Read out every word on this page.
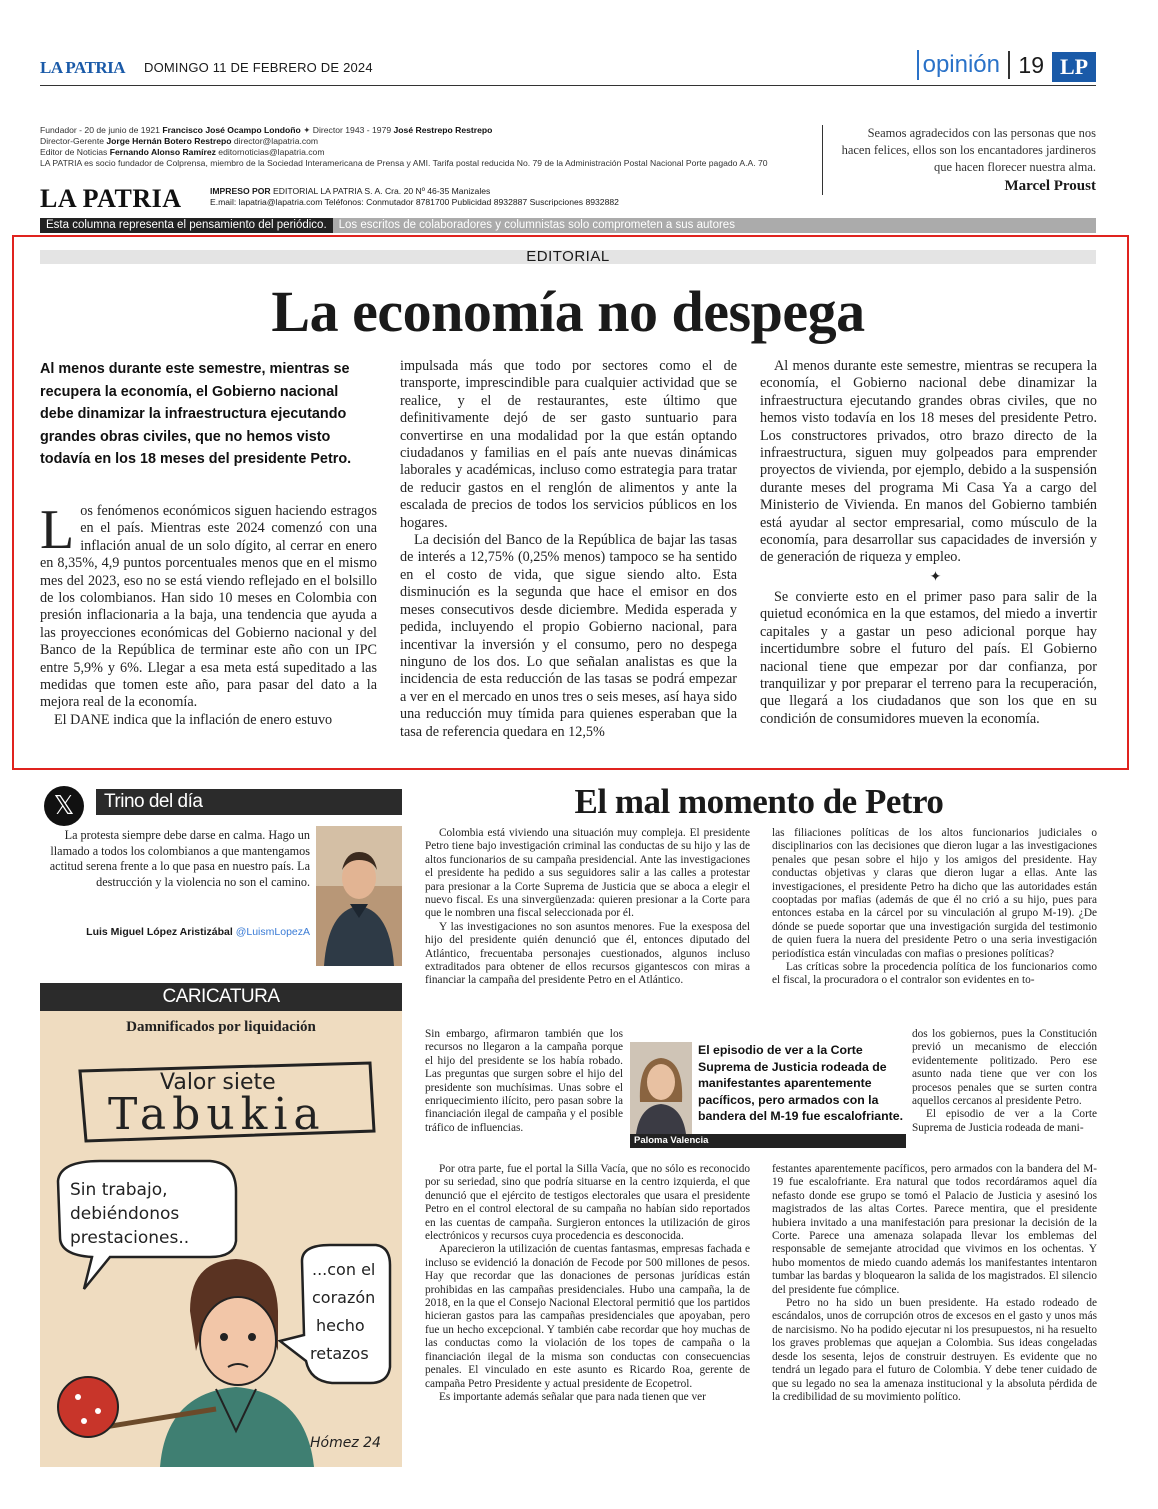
LA PATRIA DOMINGO 11 DE FEBRERO DE 2024	opinión 19 LP
Fundador - 20 de junio de 1921 Francisco José Ocampo Londoño ✦ Director 1943 - 1979 José Restrepo Restrepo
Director-Gerente Jorge Hernán Botero Restrepo director@lapatria.com
Editor de Noticias Fernando Alonso Ramírez editornoticias@lapatria.com
LA PATRIA es socio fundador de Colprensa, miembro de la Sociedad Interamericana de Prensa y AMI. Tarifa postal reducida No. 79 de la Administración Postal Nacional Porte pagado A.A. 70
LA PATRIA	IMPRESO POR EDITORIAL LA PATRIA S. A. Cra. 20 Nº 46-35 Manizales
E.mail: lapatria@lapatria.com Teléfonos: Conmutador 8781700 Publicidad 8932887 Suscripciones 8932882
Seamos agradecidos con las personas que nos hacen felices, ellos son los encantadores jardineros que hacen florecer nuestra alma.
Marcel Proust
Esta columna representa el pensamiento del periódico.	Los escritos de colaboradores y columnistas solo comprometen a sus autores
EDITORIAL
La economía no despega
Al menos durante este semestre, mientras se recupera la economía, el Gobierno nacional debe dinamizar la infraestructura ejecutando grandes obras civiles, que no hemos visto todavía en los 18 meses del presidente Petro.

Los fenómenos económicos siguen haciendo estragos en el país. Mientras este 2024 comenzó con una inflación anual de un solo dígito, al cerrar en enero en 8,35%, 4,9 puntos porcentuales menos que en el mismo mes del 2023, eso no se está viendo reflejado en el bolsillo de los colombianos. Han sido 10 meses en Colombia con presión inflacionaria a la baja, una tendencia que ayuda a las proyecciones económicas del Gobierno nacional y del Banco de la República de terminar este año con un IPC entre 5,9% y 6%. Llegar a esa meta está supeditado a las medidas que tomen este año, para pasar del dato a la mejora real de la economía.

El DANE indica que la inflación de enero estuvo

impulsada más que todo por sectores como el de transporte, imprescindible para cualquier actividad que se realice, y el de restaurantes, este último que definitivamente dejó de ser gasto suntuario para convertirse en una modalidad por la que están optando ciudadanos y familias en el país ante nuevas dinámicas laborales y académicas, incluso como estrategia para tratar de reducir gastos en el renglón de alimentos y ante la escalada de precios de todos los servicios públicos en los hogares.

La decisión del Banco de la República de bajar las tasas de interés a 12,75% (0,25% menos) tampoco se ha sentido en el costo de vida, que sigue siendo alto. Esta disminución es la segunda que hace el emisor en dos meses consecutivos desde diciembre. Medida esperada y pedida, incluyendo el propio Gobierno nacional, para incentivar la inversión y el consumo, pero no despega ninguno de los dos. Lo que señalan analistas es que la incidencia de esta reducción de las tasas se podrá empezar a ver en el mercado en unos tres o seis meses, así haya sido una reducción muy tímida para quienes esperaban que la tasa de referencia quedara en 12,5%

Al menos durante este semestre, mientras se recupera la economía, el Gobierno nacional debe dinamizar la infraestructura ejecutando grandes obras civiles, que no hemos visto todavía en los 18 meses del presidente Petro. Los constructores privados, otro brazo directo de la infraestructura, siguen muy golpeados para emprender proyectos de vivienda, por ejemplo, debido a la suspensión durante meses del programa Mi Casa Ya a cargo del Ministerio de Vivienda. En manos del Gobierno también está ayudar al sector empresarial, como músculo de la economía, para desarrollar sus capacidades de inversión y de generación de riqueza y empleo.

✦

Se convierte esto en el primer paso para salir de la quietud económica en la que estamos, del miedo a invertir capitales y a gastar un peso adicional porque hay incertidumbre sobre el futuro del país. El Gobierno nacional tiene que empezar por dar confianza, por tranquilizar y por preparar el terreno para la recuperación, que llegará a los ciudadanos que son los que en su condición de consumidores mueven la economía.

𝕏	Trino del día
La protesta siempre debe darse en calma. Hago un llamado a todos los colombianos a que mantengamos actitud serena frente a lo que pasa en nuestro país. La destrucción y la violencia no son el camino.
Luis Miguel López Aristizábal @LuismLopezA
CARICATURA
Damnificados por liquidación
Valor siete
Tabukia
Sin trabajo,
debiéndonos
prestaciones..
...con el
corazón
hecho
retazos
Hómez 24
El mal momento de Petro

Colombia está viviendo una situación muy compleja. El presidente Petro tiene bajo investigación criminal las conductas de su hijo y las de altos funcionarios de su campaña presidencial. Ante las investigaciones el presidente ha pedido a sus seguidores salir a las calles a protestar para presionar a la Corte Suprema de Justicia que se aboca a elegir el nuevo fiscal. Es una sinvergüenzada: quieren presionar a la Corte para que le nombren una fiscal seleccionada por él.

Y las investigaciones no son asuntos menores. Fue la exesposa del hijo del presidente quién denunció que él, entonces diputado del Atlántico, frecuentaba personajes cuestionados, algunos incluso extraditados para obtener de ellos recursos gigantescos con miras a financiar la campaña del presidente Petro en el Atlántico.

Sin embargo, afirmaron también que los recursos no llegaron a la campaña porque el hijo del presidente se los había robado. Las preguntas que surgen sobre el hijo del presidente son muchísimas. Unas sobre el enriquecimiento ilícito, pero pasan sobre la financiación ilegal de campaña y el posible tráfico de influencias.

Por otra parte, fue el portal la Silla Vacía, que no sólo es reconocido por su seriedad, sino que podría situarse en la centro izquierda, el que denunció que el ejército de testigos electorales que usara el presidente Petro en el control electoral de su campaña no habían sido reportados en las cuentas de campaña. Surgieron entonces la utilización de giros electrónicos y recursos cuya procedencia es desconocida.

Aparecieron la utilización de cuentas fantasmas, empresas fachada e incluso se evidenció la donación de Fecode por 500 millones de pesos. Hay que recordar que las donaciones de personas jurídicas están prohibidas en las campañas presidenciales. Hubo una campaña, la de 2018, en la que el Consejo Nacional Electoral permitió que los partidos hicieran gastos para las campañas presidenciales que apoyaban, pero fue un hecho excepcional. Y también cabe recordar que hoy muchas de las conductas como la violación de los topes de campaña o la financiación ilegal de la misma son conductas con consecuencias penales. El vinculado en este asunto es Ricardo Roa, gerente de campaña Petro Presidente y actual presidente de Ecopetrol.

Es importante además señalar que para nada tienen que ver

las filiaciones políticas de los altos funcionarios judiciales o disciplinarios con las decisiones que dieron lugar a las investigaciones penales que pesan sobre el hijo y los amigos del presidente. Hay conductas objetivas y claras que dieron lugar a ellas. Ante las investigaciones, el presidente Petro ha dicho que las autoridades están cooptadas por mafias (además de que él no crió a su hijo, pues para entonces estaba en la cárcel por su vinculación al grupo M-19). ¿De dónde se puede soportar que una investigación surgida del testimonio de quien fuera la nuera del presidente Petro o una seria investigación periodística están vinculadas con mafias o presiones políticas?

Las críticas sobre la procedencia política de los funcionarios como el fiscal, la procuradora o el contralor son evidentes en to-

dos los gobiernos, pues la Constitución previó un mecanismo de elección evidentemente politizado. Pero ese asunto nada tiene que ver con los procesos penales que se surten contra aquellos cercanos al presidente Petro.

El episodio de ver a la Corte Suprema de Justicia rodeada de mani-

festantes aparentemente pacíficos, pero armados con la bandera del M-19 fue escalofriante. Era natural que todos recordáramos aquel día nefasto donde ese grupo se tomó el Palacio de Justicia y asesinó los magistrados de las altas Cortes. Parece mentira, que el presidente hubiera invitado a una manifestación para presionar la decisión de la Corte. Parece una amenaza solapada llevar los emblemas del responsable de semejante atrocidad que vivimos en los ochentas. Y hubo momentos de miedo cuando además los manifestantes intentaron tumbar las bardas y bloquearon la salida de los magistrados. El silencio del presidente fue cómplice.

Petro no ha sido un buen presidente. Ha estado rodeado de escándalos, unos de corrupción otros de excesos en el gasto y unos más de narcisismo. No ha podido ejecutar ni los presupuestos, ni ha resuelto los graves problemas que aquejan a Colombia. Sus ideas congeladas desde los sesenta, lejos de construir destruyen. Es evidente que no tendrá un legado para el futuro de Colombia. Y debe tener cuidado de que su legado no sea la amenaza institucional y la absoluta pérdida de la credibilidad de su movimiento político.

El episodio de ver a la Corte Suprema de Justicia rodeada de manifestantes aparentemente pacíficos, pero armados con la bandera del M-19 fue escalofriante.
Paloma Valencia
